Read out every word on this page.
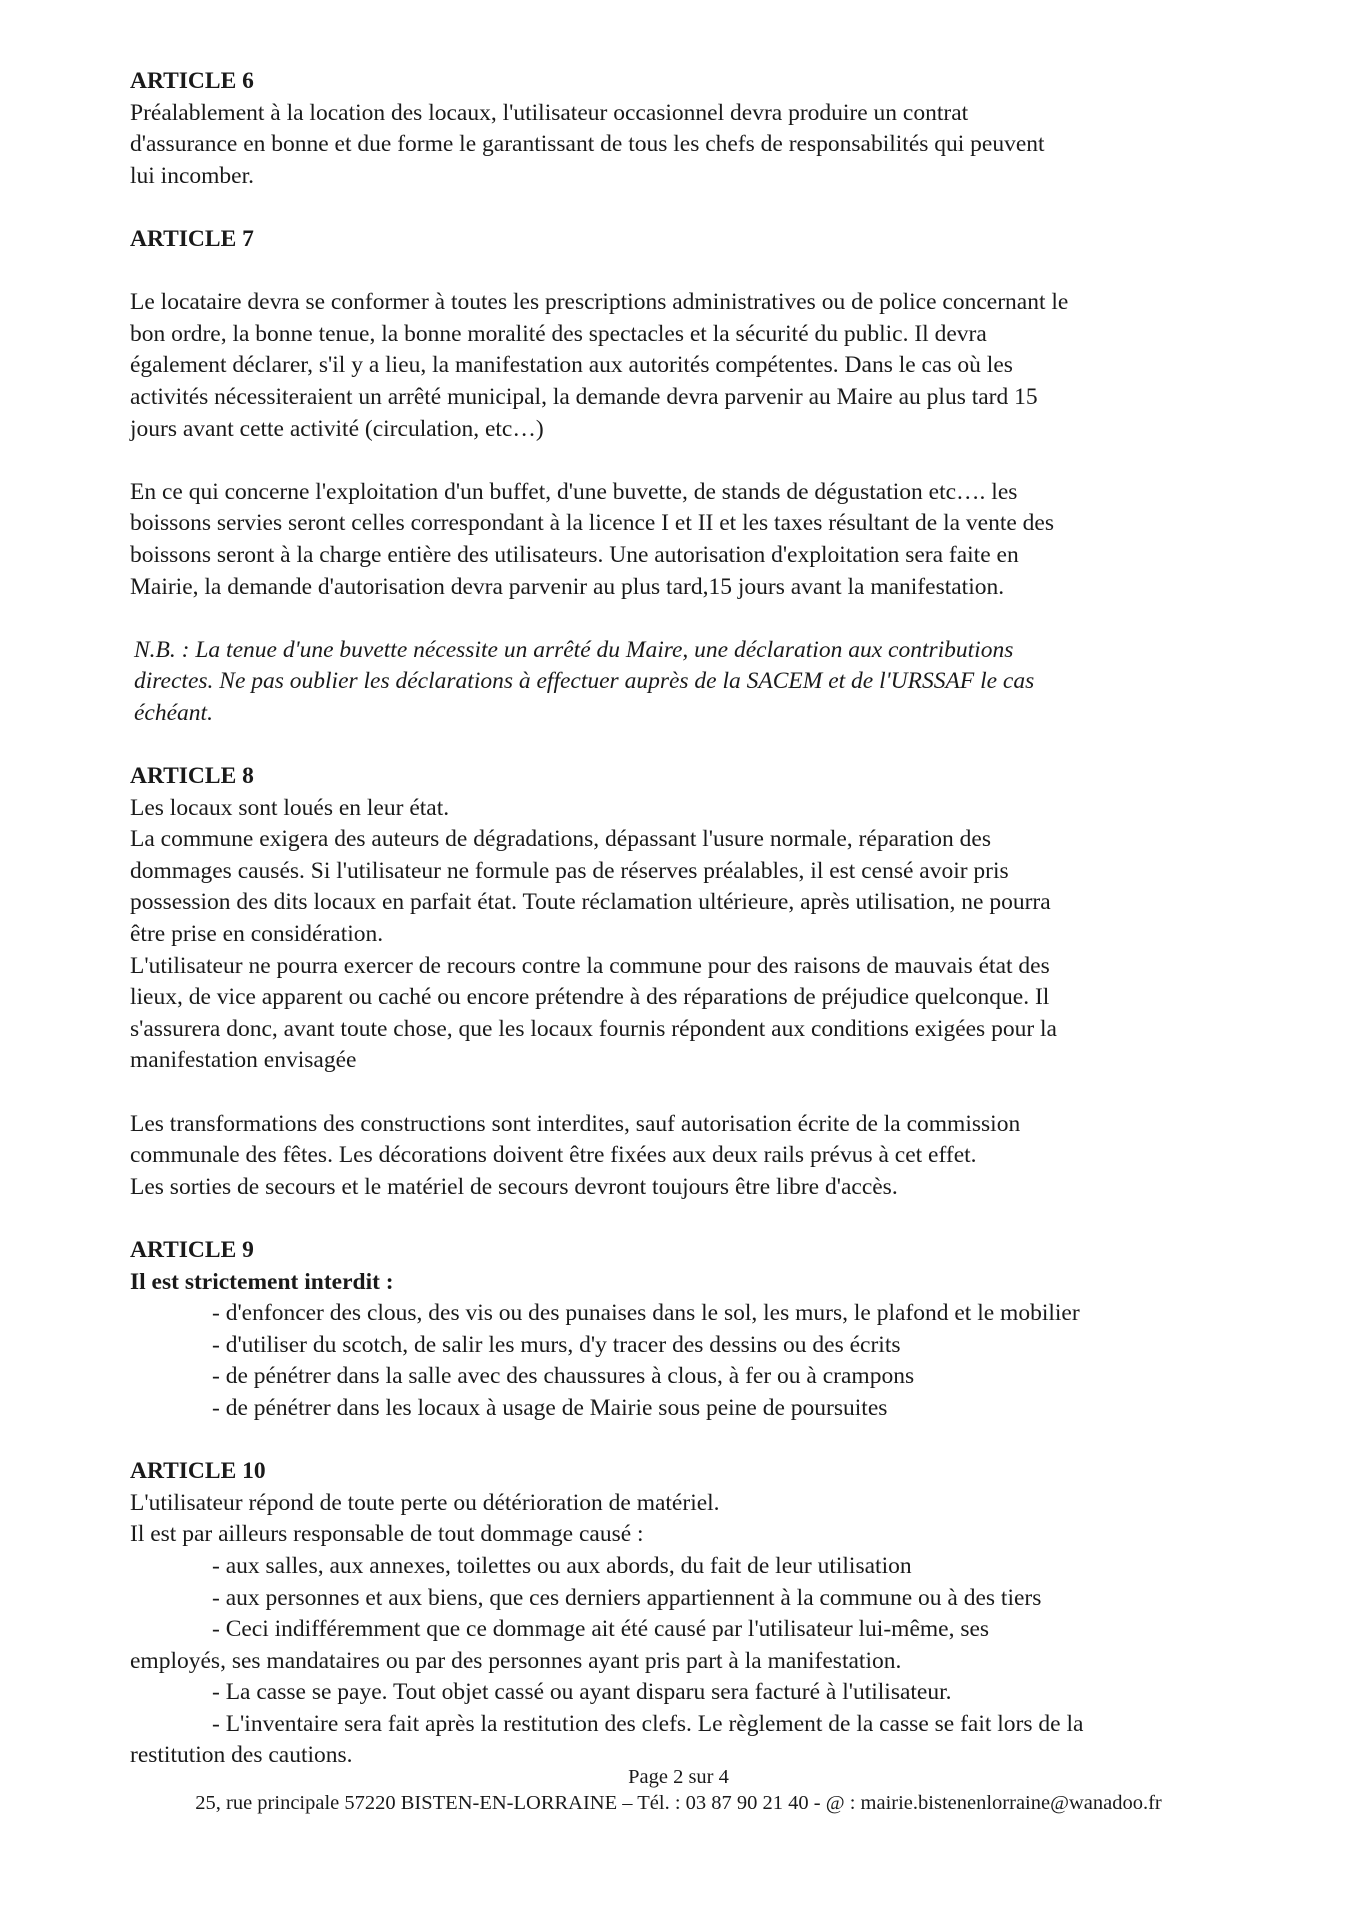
ARTICLE 6

Préalablement à la location des locaux, l'utilisateur occasionnel devra produire un contrat

d'assurance en bonne et due forme le garantissant de tous les chefs de responsabilités qui peuvent

lui incomber.

ARTICLE 7

Le locataire devra se conformer à toutes les prescriptions administratives ou de police concernant le

bon ordre, la bonne tenue, la bonne moralité des spectacles et la sécurité du public. Il devra

également déclarer, s'il y a lieu, la manifestation aux autorités compétentes. Dans le cas où les

activités nécessiteraient un arrêté municipal, la demande devra parvenir au Maire au plus tard 15

jours avant cette activité (circulation, etc…)

En ce qui concerne l'exploitation d'un buffet, d'une buvette, de stands de dégustation etc…. les

boissons servies seront celles correspondant à la licence I et II et les taxes résultant de la vente des

boissons seront à la charge entière des utilisateurs. Une autorisation d'exploitation sera faite en

Mairie, la demande d'autorisation devra parvenir au plus tard,15 jours avant la manifestation.

N.B. : La tenue d'une buvette nécessite un arrêté du Maire, une déclaration aux contributions

directes. Ne pas oublier les déclarations à effectuer auprès de la SACEM et de l'URSSAF le cas

échéant.

ARTICLE 8

Les locaux sont loués en leur état.

La commune exigera des auteurs de dégradations, dépassant l'usure normale, réparation des

dommages causés. Si l'utilisateur ne formule pas de réserves préalables, il est censé avoir pris

possession des dits locaux en parfait état. Toute réclamation ultérieure, après utilisation, ne pourra

être prise en considération.

L'utilisateur ne pourra exercer de recours contre la commune pour des raisons de mauvais état des

lieux, de vice apparent ou caché ou encore prétendre à des réparations de préjudice quelconque. Il

s'assurera donc, avant toute chose, que les locaux fournis répondent aux conditions exigées pour la

manifestation envisagée

Les transformations des constructions sont interdites, sauf autorisation écrite de la commission

communale des fêtes. Les décorations doivent être fixées aux deux rails prévus à cet effet.

Les sorties de secours et le matériel de secours devront toujours être libre d'accès.

ARTICLE 9

Il est strictement interdit :

- d'enfoncer des clous, des vis ou des punaises dans le sol, les murs, le plafond et le mobilier

- d'utiliser du scotch, de salir les murs, d'y tracer des dessins ou des écrits

- de pénétrer dans la salle avec des chaussures à clous, à fer ou à crampons

- de pénétrer dans les locaux à usage de Mairie sous peine de poursuites

ARTICLE 10

L'utilisateur répond de toute perte ou détérioration de matériel.

Il est par ailleurs responsable de tout dommage causé :

- aux salles, aux annexes, toilettes ou aux abords, du fait de leur utilisation

- aux personnes et aux biens, que ces derniers appartiennent à la commune ou à des tiers

- Ceci indifféremment que ce dommage ait été causé par l'utilisateur lui-même, ses

employés, ses mandataires ou par des personnes ayant pris part à la manifestation.

- La casse se paye. Tout objet cassé ou ayant disparu sera facturé à l'utilisateur.

- L'inventaire sera fait après la restitution des clefs. Le règlement de la casse se fait lors de la

restitution des cautions.

Page 2 sur 4
25, rue principale 57220 BISTEN-EN-LORRAINE – Tél. : 03 87 90 21 40 - @ : mairie.bistenenlorraine@wanadoo.fr
